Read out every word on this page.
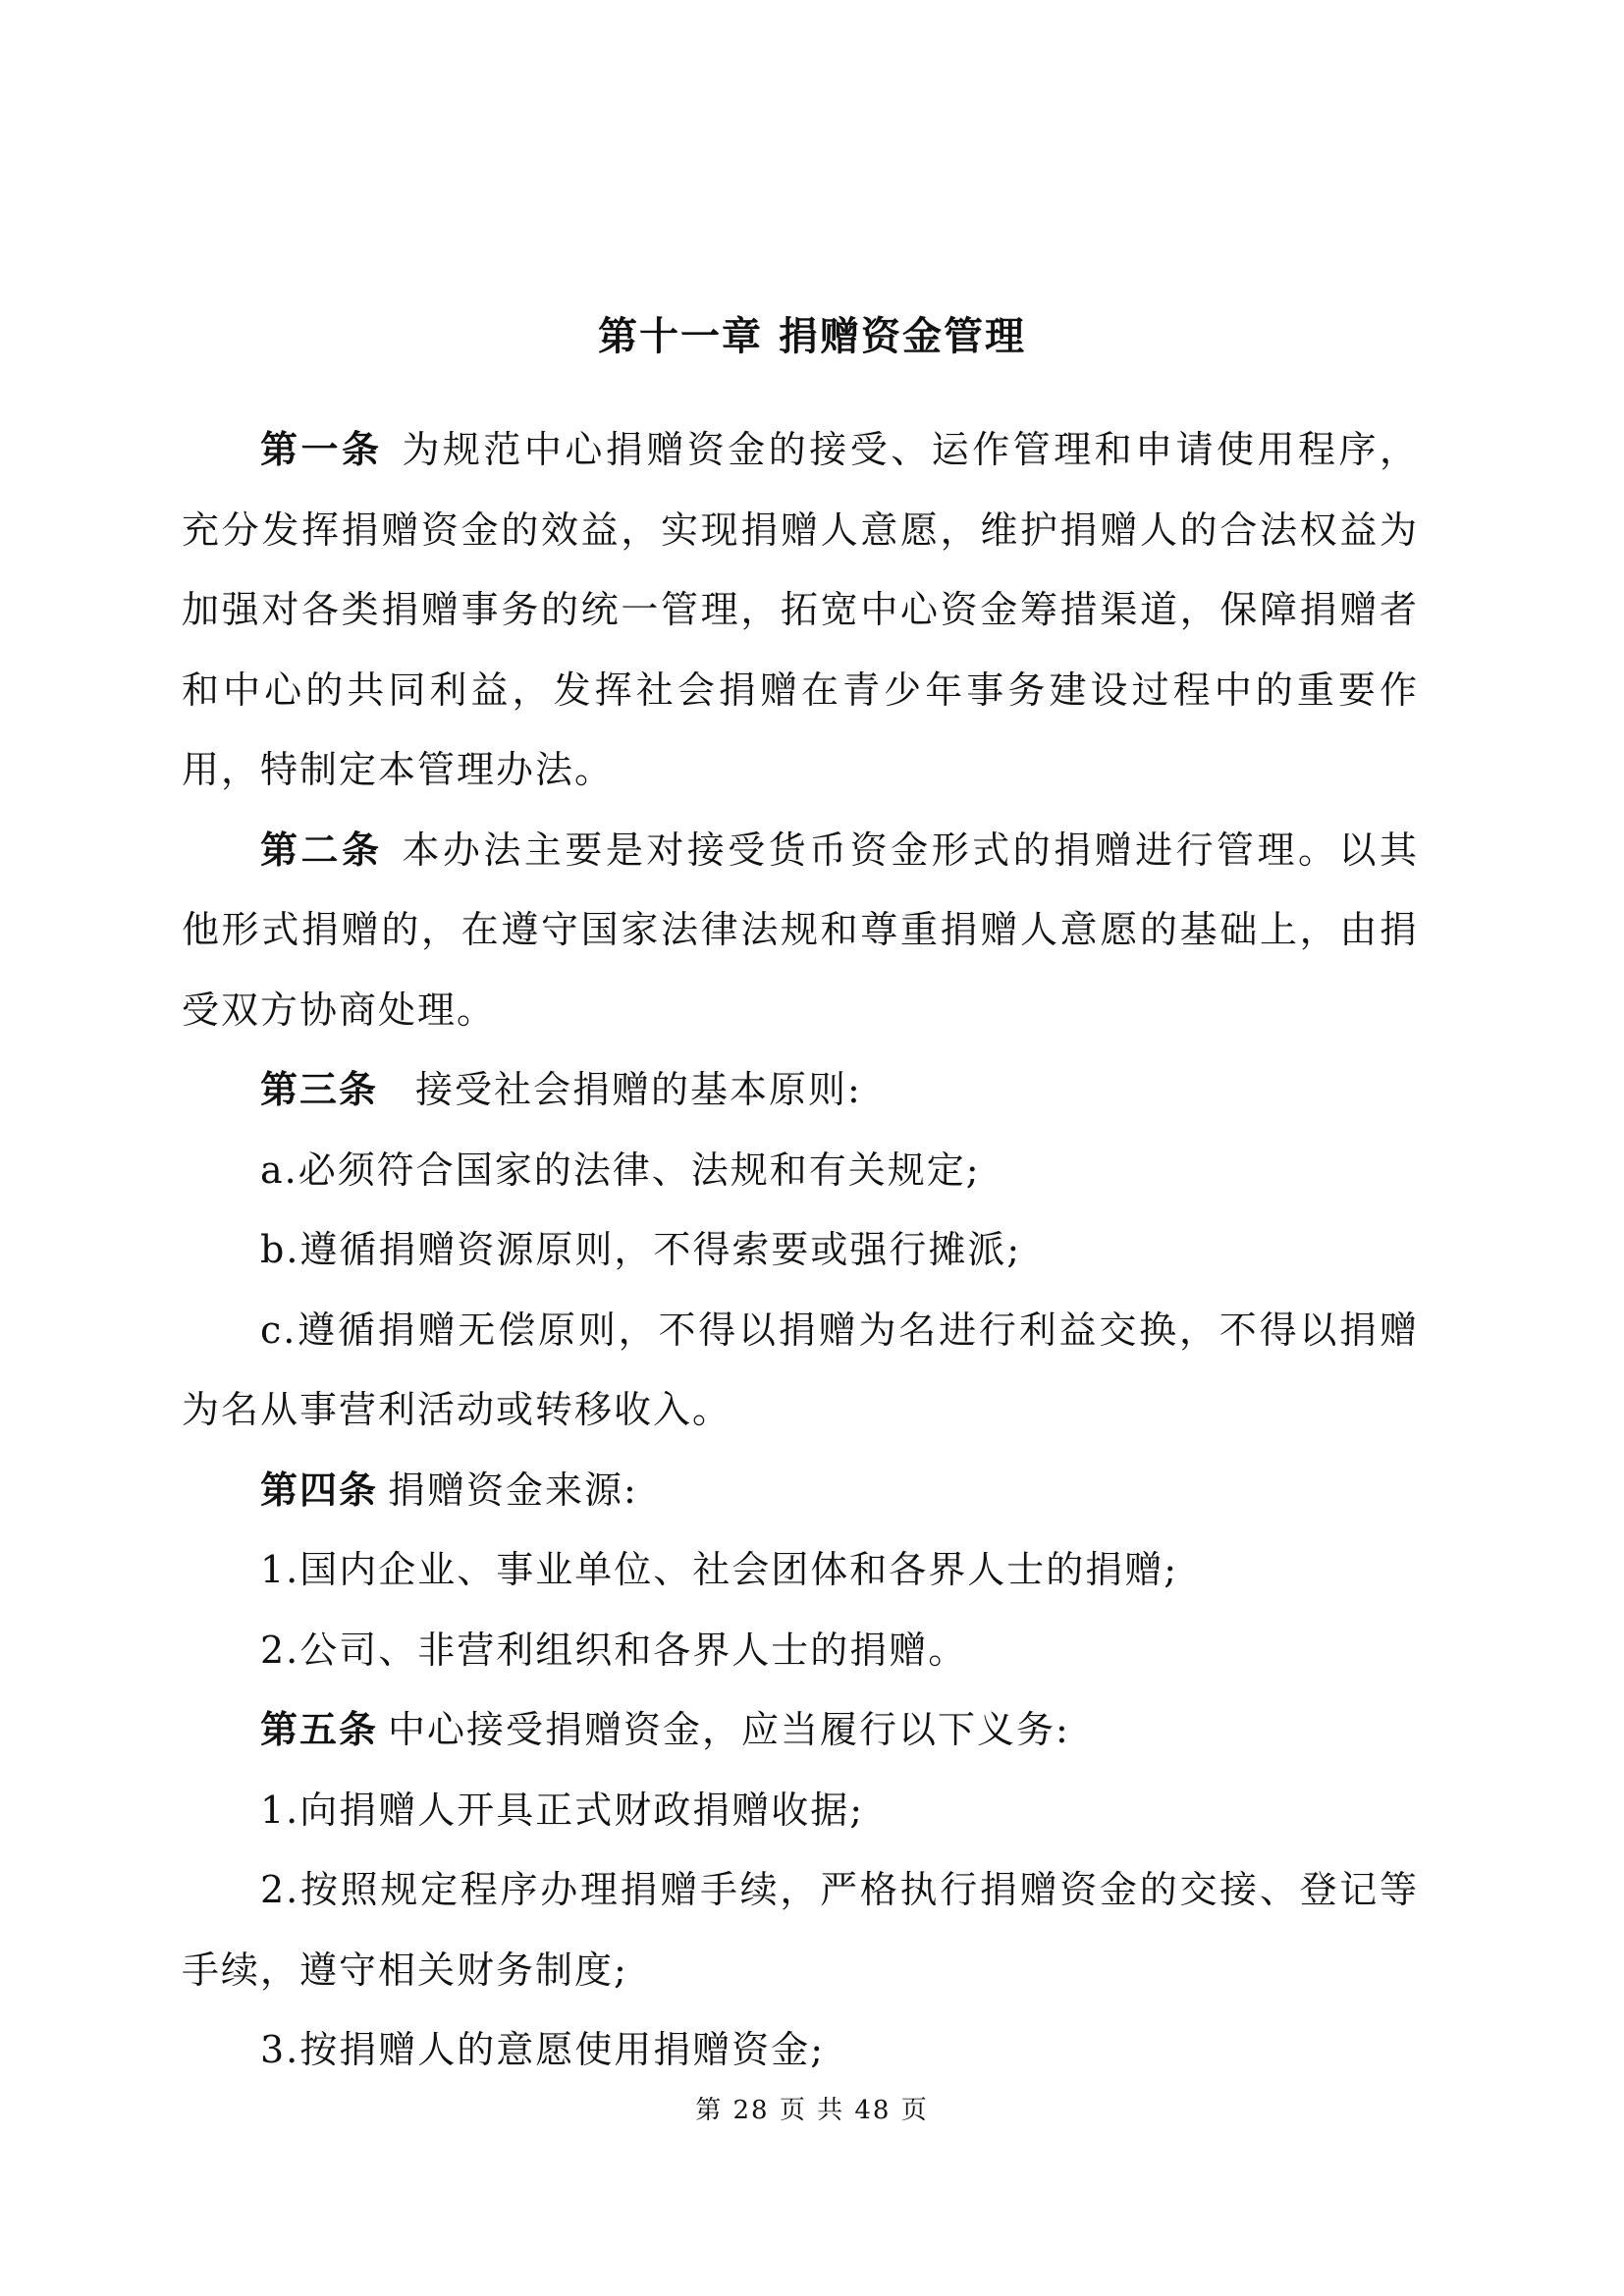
第十一章 捐赠资金管理

第一条 为规范中心捐赠资金的接受、运作管理和申请使用程序，充分发挥捐赠资金的效益，实现捐赠人意愿，维护捐赠人的合法权益为加强对各类捐赠事务的统一管理，拓宽中心资金筹措渠道，保障捐赠者和中心的共同利益，发挥社会捐赠在青少年事务建设过程中的重要作用，特制定本管理办法。

第二条 本办法主要是对接受货币资金形式的捐赠进行管理。以其他形式捐赠的，在遵守国家法律法规和尊重捐赠人意愿的基础上，由捐受双方协商处理。

第三条 接受社会捐赠的基本原则:

a.必须符合国家的法律、法规和有关规定;

b.遵循捐赠资源原则，不得索要或强行摊派;

c.遵循捐赠无偿原则，不得以捐赠为名进行利益交换，不得以捐赠为名从事营利活动或转移收入。

第四条 捐赠资金来源:

1.国内企业、事业单位、社会团体和各界人士的捐赠;

2.公司、非营利组织和各界人士的捐赠。

第五条 中心接受捐赠资金，应当履行以下义务:

1.向捐赠人开具正式财政捐赠收据;

2.按照规定程序办理捐赠手续，严格执行捐赠资金的交接、登记等手续，遵守相关财务制度;

3.按捐赠人的意愿使用捐赠资金;

第 28 页 共 48 页
